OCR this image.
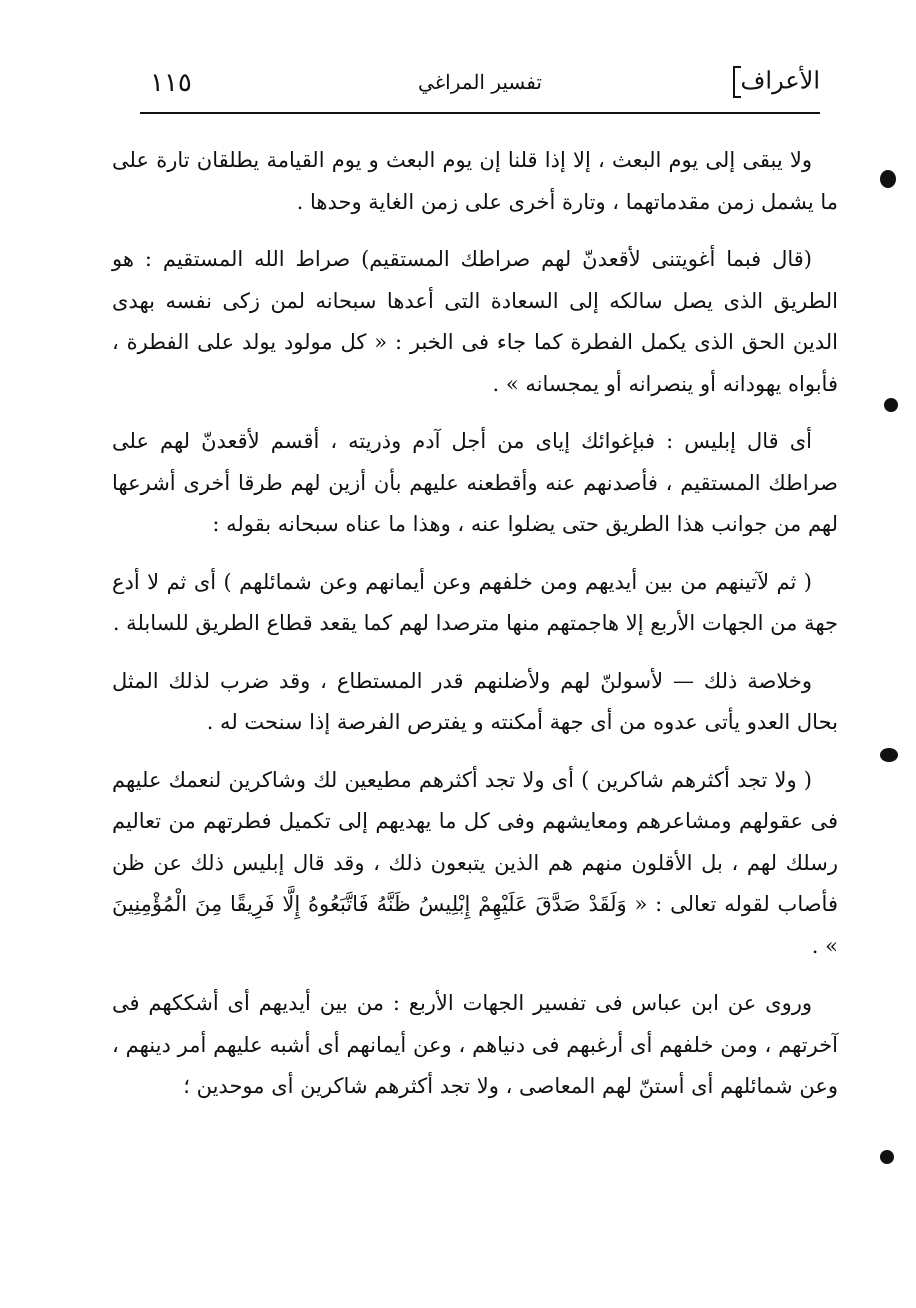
١١٥	تفسير المراغي	الأعراف

ولا يبقى إلى يوم البعث ، إلا إذا قلنا إن يوم البعث و يوم القيامة يطلقان تارة على ما يشمل زمن مقدماتهما ، وتارة أخرى على زمن الغاية وحدها .

(قال فبما أغويتنى لأقعدنّ لهم صراطك المستقيم) صراط الله المستقيم : هو الطريق الذى يصل سالكه إلى السعادة التى أعدها سبحانه لمن زكى نفسه بهدى الدين الحق الذى يكمل الفطرة كما جاء فى الخبر : « كل مولود يولد على الفطرة ، فأبواه يهودانه أو ينصرانه أو يمجسانه » .

أى قال إبليس : فبإغوائك إياى من أجل آدم وذريته ، أقسم لأقعدنّ لهم على صراطك المستقيم ، فأصدنهم عنه وأقطعنه عليهم بأن أزين لهم طرقا أخرى أشرعها لهم من جوانب هذا الطريق حتى يضلوا عنه ، وهذا ما عناه سبحانه بقوله :

( ثم لآتينهم من بين أيديهم ومن خلفهم وعن أيمانهم وعن شمائلهم ) أى ثم لا أدع جهة من الجهات الأربع إلا هاجمتهم منها مترصدا لهم كما يقعد قطاع الطريق للسابلة .

وخلاصة ذلك — لأسولنّ لهم ولأضلنهم قدر المستطاع ، وقد ضرب لذلك المثل بحال العدو يأتى عدوه من أى جهة أمكنته و يفترص الفرصة إذا سنحت له .

( ولا تجد أكثرهم شاكرين ) أى ولا تجد أكثرهم مطيعين لك وشاكرين لنعمك عليهم فى عقولهم ومشاعرهم ومعايشهم وفى كل ما يهديهم إلى تكميل فطرتهم من تعاليم رسلك لهم ، بل الأقلون منهم هم الذين يتبعون ذلك ، وقد قال إبليس ذلك عن ظن فأصاب لقوله تعالى : « وَلَقَدْ صَدَّقَ عَلَيْهِمْ إِبْلِيسُ ظَنَّهُ فَاتَّبَعُوهُ إِلَّا فَرِيقًا مِنَ الْمُؤْمِنِينَ » .

وروى عن ابن عباس فى تفسير الجهات الأربع : من بين أيديهم أى أشككهم فى آخرتهم ، ومن خلفهم أى أرغبهم فى دنياهم ، وعن أيمانهم أى أشبه عليهم أمر دينهم ، وعن شمائلهم أى أستنّ لهم المعاصى ، ولا تجد أكثرهم شاكرين أى موحدين ؛
